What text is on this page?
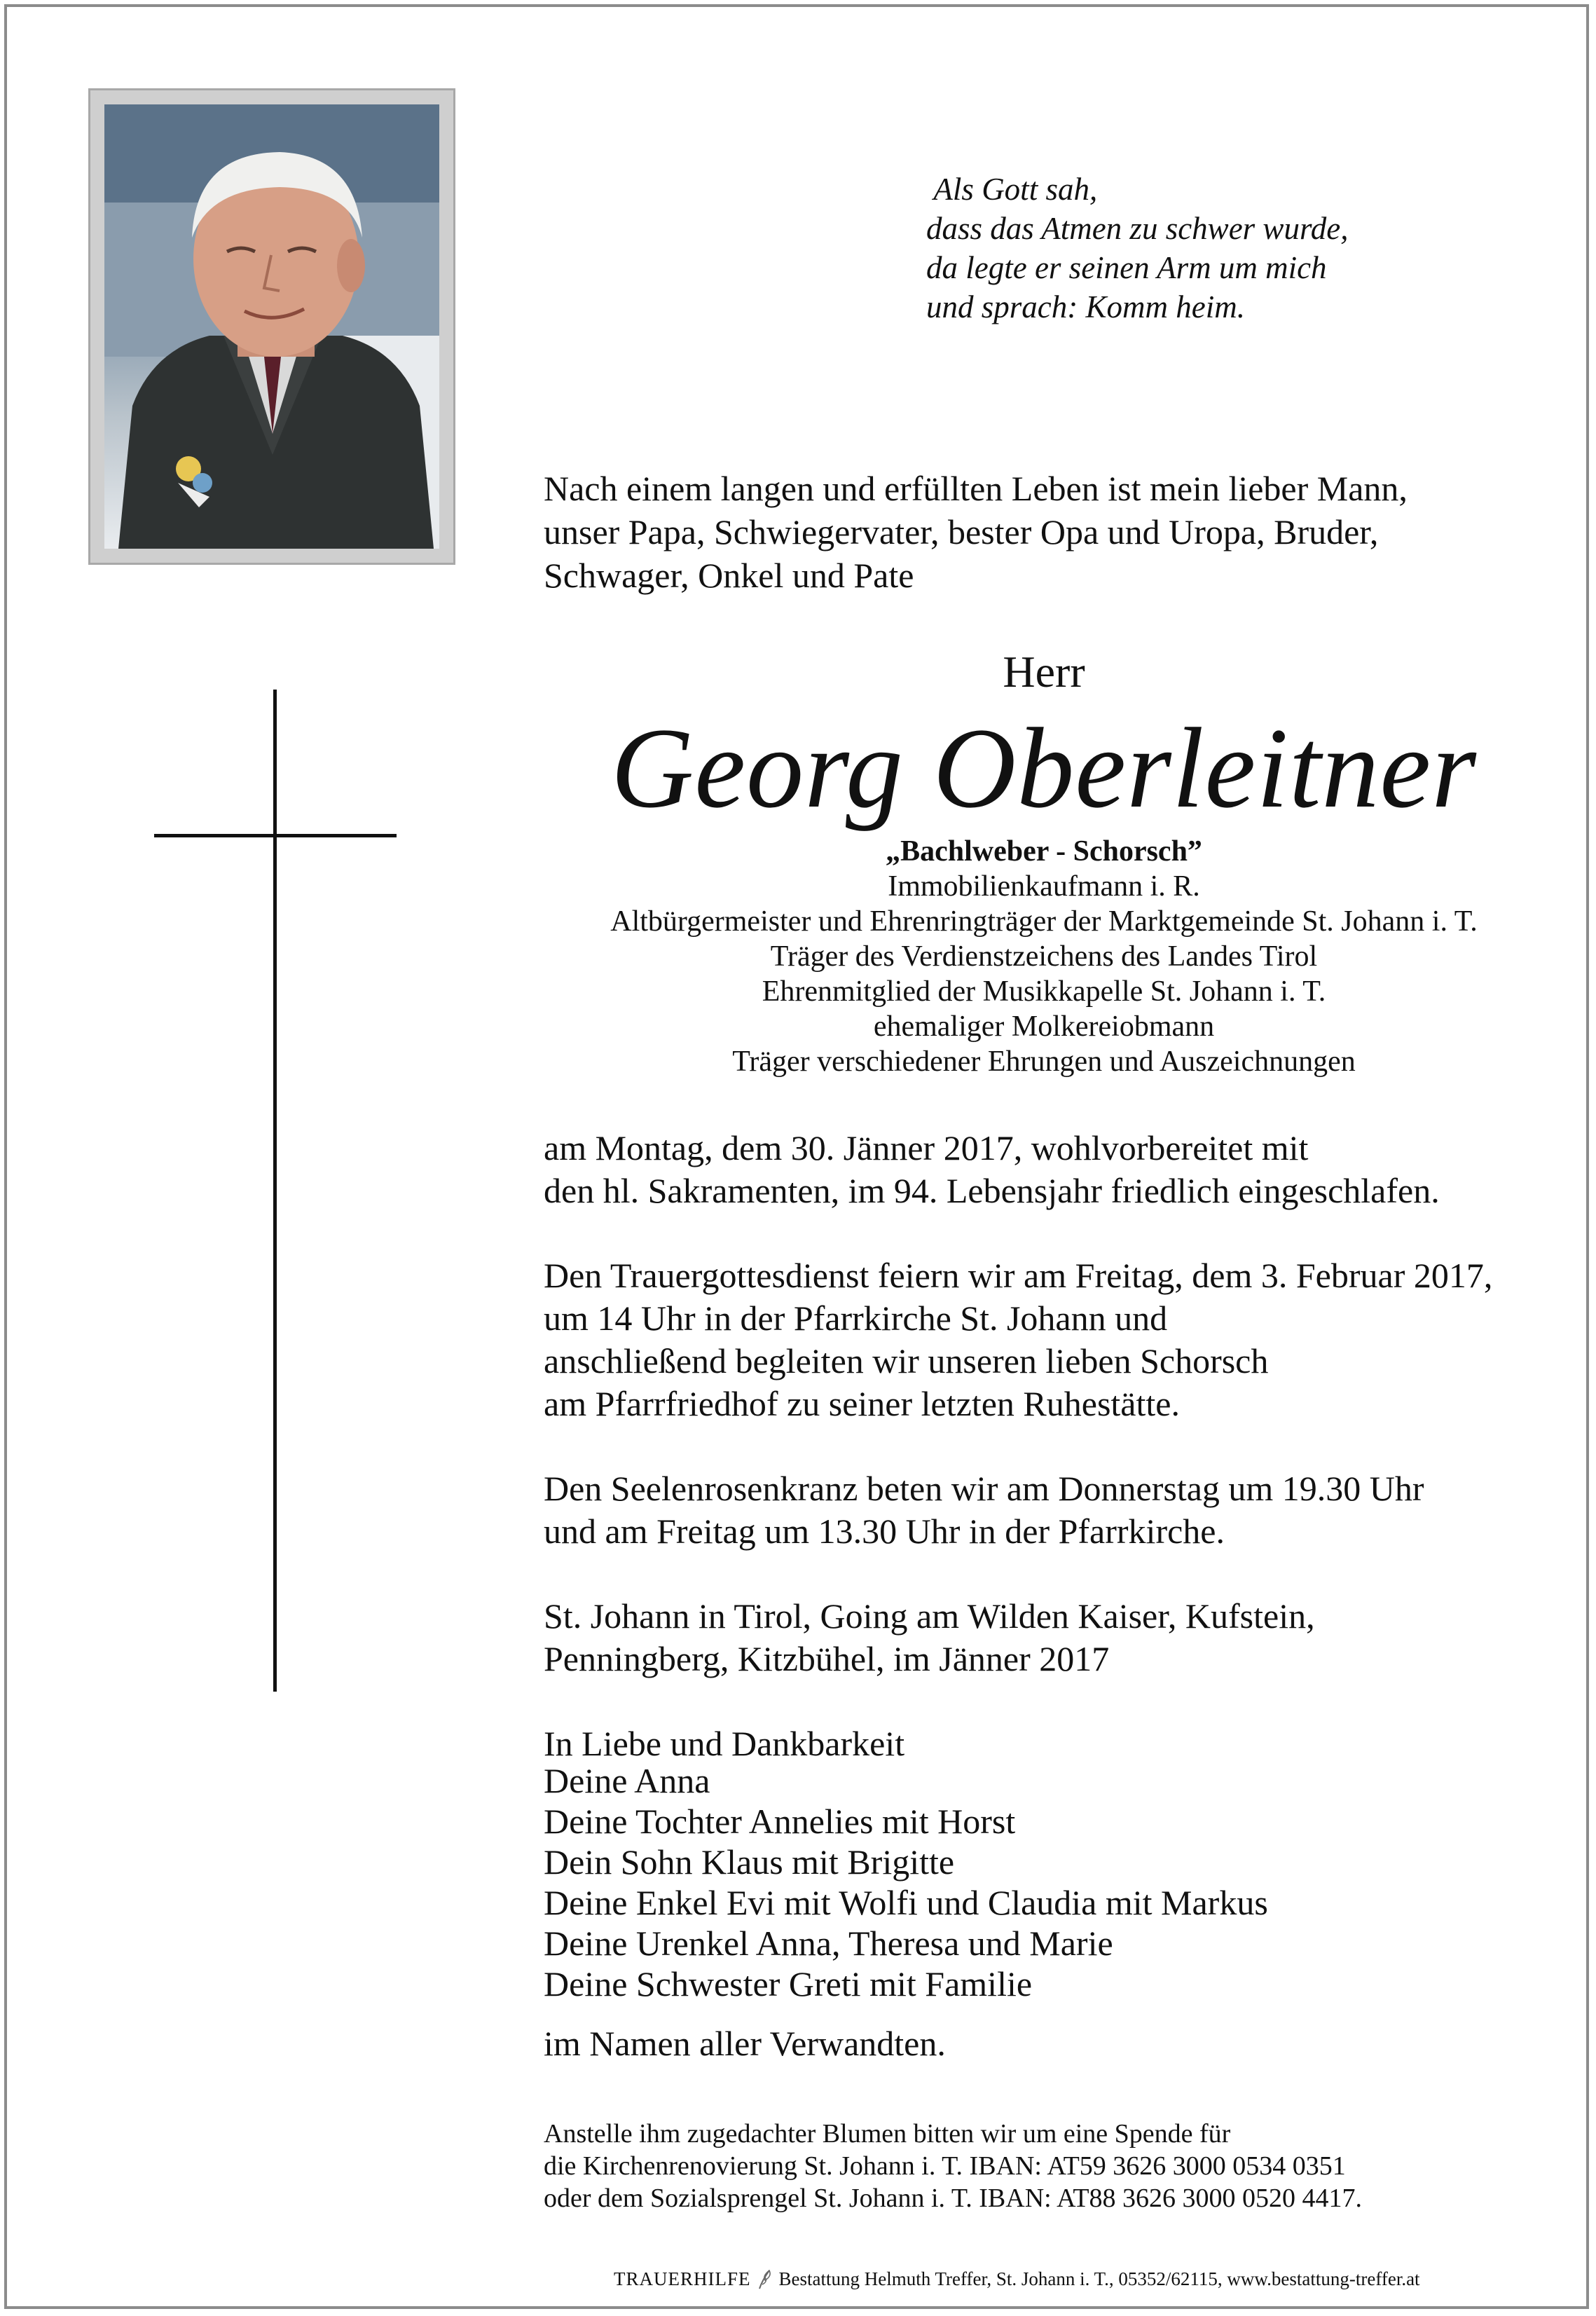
Als Gott sah,
dass das Atmen zu schwer wurde,
da legte er seinen Arm um mich
und sprach: Komm heim.
Nach einem langen und erfüllten Leben ist mein lieber Mann,
unser Papa, Schwiegervater, bester Opa und Uropa, Bruder,
Schwager, Onkel und Pate
Herr
Georg Oberleitner
„Bachlweber - Schorsch”
Immobilienkaufmann i. R.
Altbürgermeister und Ehrenringträger der Marktgemeinde St. Johann i. T.
Träger des Verdienstzeichens des Landes Tirol
Ehrenmitglied der Musikkapelle St. Johann i. T.
ehemaliger Molkereiobmann
Träger verschiedener Ehrungen und Auszeichnungen
am Montag, dem 30. Jänner 2017, wohlvorbereitet mit
den hl. Sakramenten, im 94. Lebensjahr friedlich eingeschlafen.
Den Trauergottesdienst feiern wir am Freitag, dem 3. Februar 2017,
um 14 Uhr in der Pfarrkirche St. Johann und
anschließend begleiten wir unseren lieben Schorsch
am Pfarrfriedhof zu seiner letzten Ruhestätte.
Den Seelenrosenkranz beten wir am Donnerstag um 19.30 Uhr
und am Freitag um 13.30 Uhr in der Pfarrkirche.
St. Johann in Tirol, Going am Wilden Kaiser, Kufstein,
Penningberg, Kitzbühel, im Jänner 2017
In Liebe und Dankbarkeit
Deine Anna
Deine Tochter Annelies mit Horst
Dein Sohn Klaus mit Brigitte
Deine Enkel Evi mit Wolfi und Claudia mit Markus
Deine Urenkel Anna, Theresa und Marie
Deine Schwester Greti mit Familie
im Namen aller Verwandten.
Anstelle ihm zugedachter Blumen bitten wir um eine Spende für
die Kirchenrenovierung St. Johann i. T. IBAN: AT59 3626 3000 0534 0351
oder dem Sozialsprengel St. Johann i. T. IBAN: AT88 3626 3000 0520 4417.
TRAUERHILFE Bestattung Helmuth Treffer, St. Johann i. T., 05352/62115, www.bestattung-treffer.at
